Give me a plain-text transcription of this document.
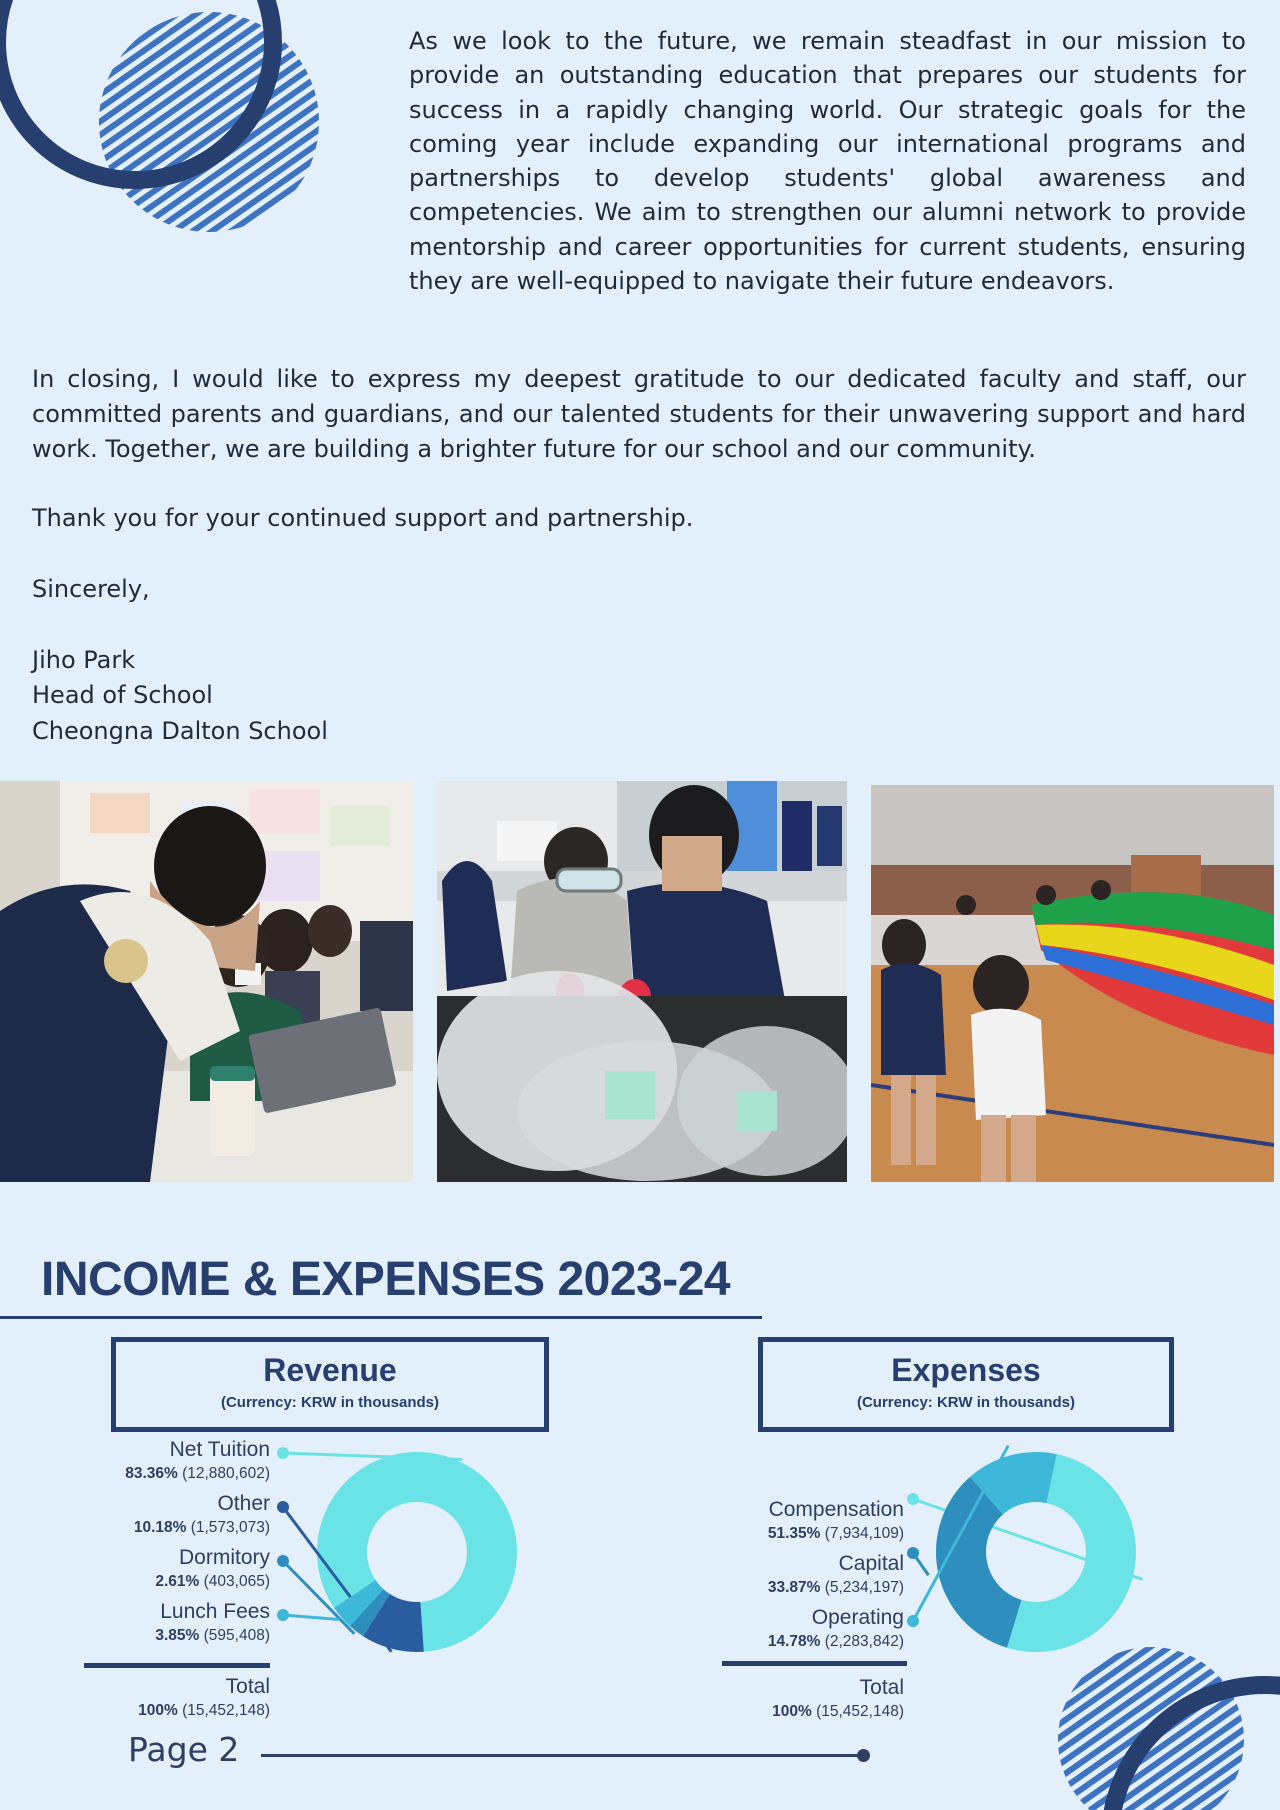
As we look to the future, we remain steadfast in our mission to provide an outstanding education that prepares our students for success in a rapidly changing world. Our strategic goals for the coming year include expanding our international programs and partnerships to develop students' global awareness and competencies. We aim to strengthen our alumni network to provide mentorship and career opportunities for current students, ensuring they are well-equipped to navigate their future endeavors.

In closing, I would like to express my deepest gratitude to our dedicated faculty and staff, our committed parents and guardians, and our talented students for their unwavering support and hard work. Together, we are building a brighter future for our school and our community.

Thank you for your continued support and partnership.

Sincerely,

Jiho Park

Head of School

Cheongna Dalton School

INCOME & EXPENSES 2023-24
Revenue
(Currency: KRW in thousands)
Expenses
(Currency: KRW in thousands)
Net Tuition
83.36% (12,880,602)
Other
10.18% (1,573,073)
Dormitory
2.61% (403,065)
Lunch Fees
3.85% (595,408)
Total
100% (15,452,148)
Compensation
51.35% (7,934,109)
Capital
33.87% (5,234,197)
Operating
14.78% (2,283,842)
Total
100% (15,452,148)
Page 2
